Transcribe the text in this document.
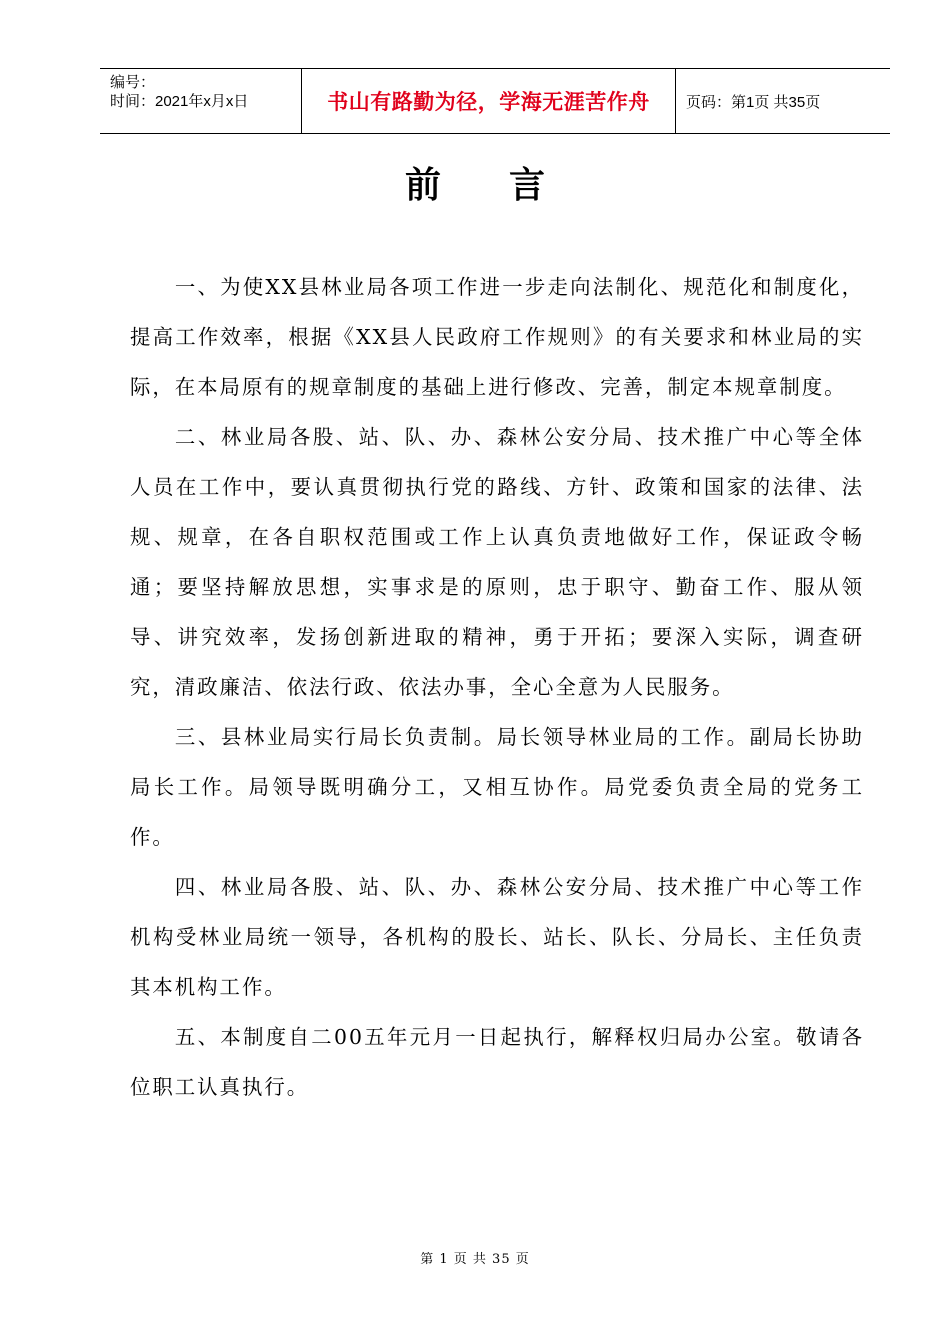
编号：
时间：2021年x月x日	书山有路勤为径，学海无涯苦作舟	页码：第1页 共35页
前言

一、为使XX县林业局各项工作进一步走向法制化、规范化和制度化，提高工作效率，根据《XX县人民政府工作规则》的有关要求和林业局的实际，在本局原有的规章制度的基础上进行修改、完善，制定本规章制度。

二、林业局各股、站、队、办、森林公安分局、技术推广中心等全体人员在工作中，要认真贯彻执行党的路线、方针、政策和国家的法律、法规、规章，在各自职权范围或工作上认真负责地做好工作，保证政令畅通；要坚持解放思想，实事求是的原则，忠于职守、勤奋工作、服从领导、讲究效率，发扬创新进取的精神，勇于开拓；要深入实际，调查研究，清政廉洁、依法行政、依法办事，全心全意为人民服务。

三、县林业局实行局长负责制。局长领导林业局的工作。副局长协助局长工作。局领导既明确分工，又相互协作。局党委负责全局的党务工作。

四、林业局各股、站、队、办、森林公安分局、技术推广中心等工作机构受林业局统一领导，各机构的股长、站长、队长、分局长、主任负责其本机构工作。

五、本制度自二00五年元月一日起执行，解释权归局办公室。敬请各位职工认真执行。

第 1 页 共 35 页
